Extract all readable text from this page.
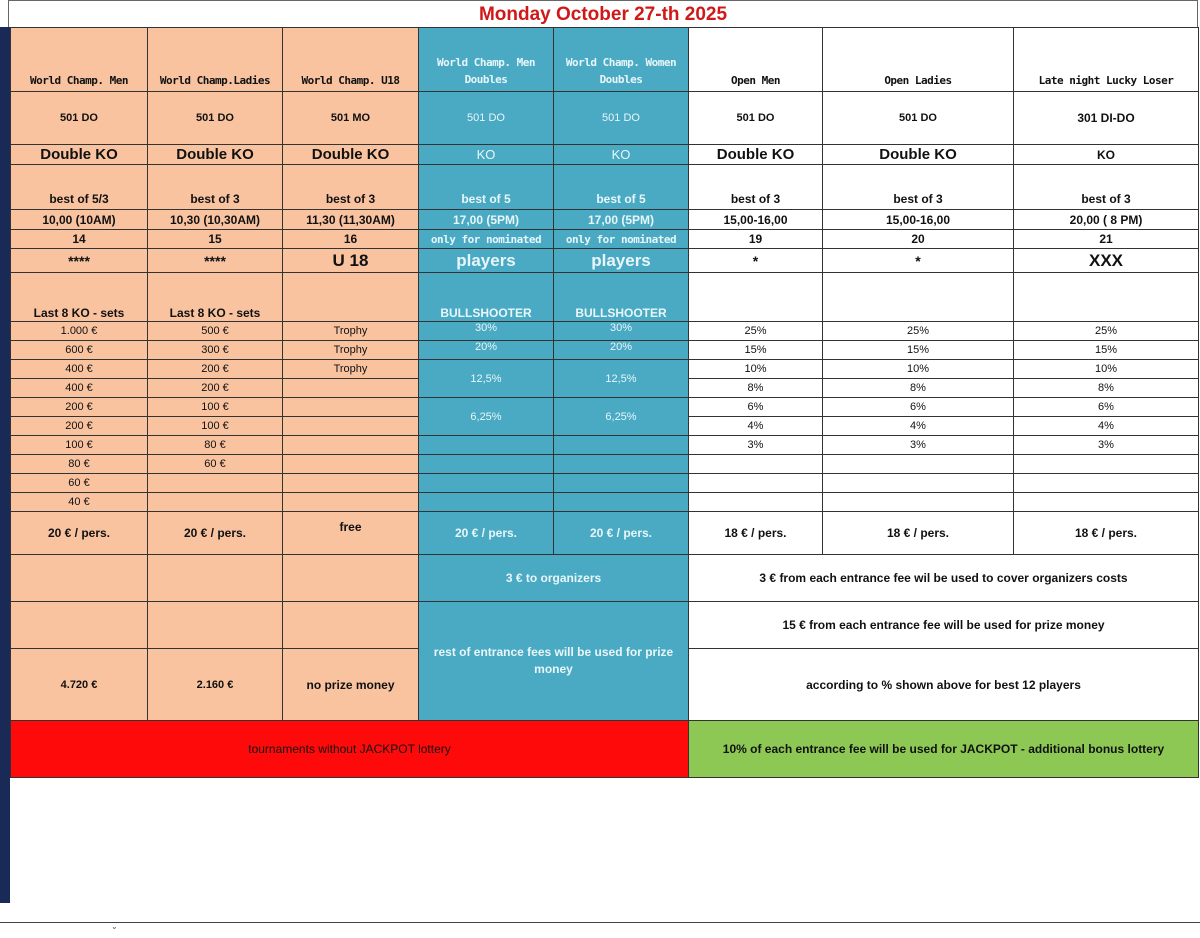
Monday October 27-th 2025
World Champ. Men	World Champ.Ladies	World Champ. U18	World Champ. Men Doubles	World Champ. Women Doubles	Open Men	Open Ladies	Late night Lucky Loser
501 DO	501 DO	501 MO	501 DO	501 DO	501 DO	501 DO	301 DI-DO
Double KO	Double KO	Double KO	KO	KO	Double KO	Double KO	KO
best of 5/3	best of 3	best of 3	best of 5	best of 5	best of 3	best of 3	best of 3
10,00 (10AM)	10,30 (10,30AM)	11,30 (11,30AM)	17,00 (5PM)	17,00 (5PM)	15,00-16,00	15,00-16,00	20,00 ( 8 PM)
14	15	16	only for nominated	only for nominated	19	20	21
****	****	U 18	players	players	*	*	XXX
Last 8 KO - sets	Last 8 KO - sets		BULLSHOOTER	BULLSHOOTER			
1.000 €	500 €	Trophy	30%	30%	25%	25%	25%
600 €	300 €	Trophy	20%	20%	15%	15%	15%
400 €	200 €	Trophy	12,5%	12,5%	10%	10%	10%
400 €	200 €				8%	8%	8%
200 €	100 €		6,25%	6,25%	6%	6%	6%
200 €	100 €				4%	4%	4%
100 €	80 €				3%	3%	3%
80 €	60 €						
60 €							
40 €							
20 € / pers.	20 € / pers.	free	20 € / pers.	20 € / pers.	18 € / pers.	18 € / pers.	18 € / pers.
			3 € to organizers		3 € from each entrance fee wil be used to cover organizers costs		
			rest of entrance fees will be used for prize money		15 € from each entrance fee will be used for prize money		
4.720 €	2.160 €	no prize money			according to % shown above for best 12 players		
tournaments without JACKPOT lottery					10% of each entrance fee will be used for JACKPOT - additional bonus lottery		
˘
